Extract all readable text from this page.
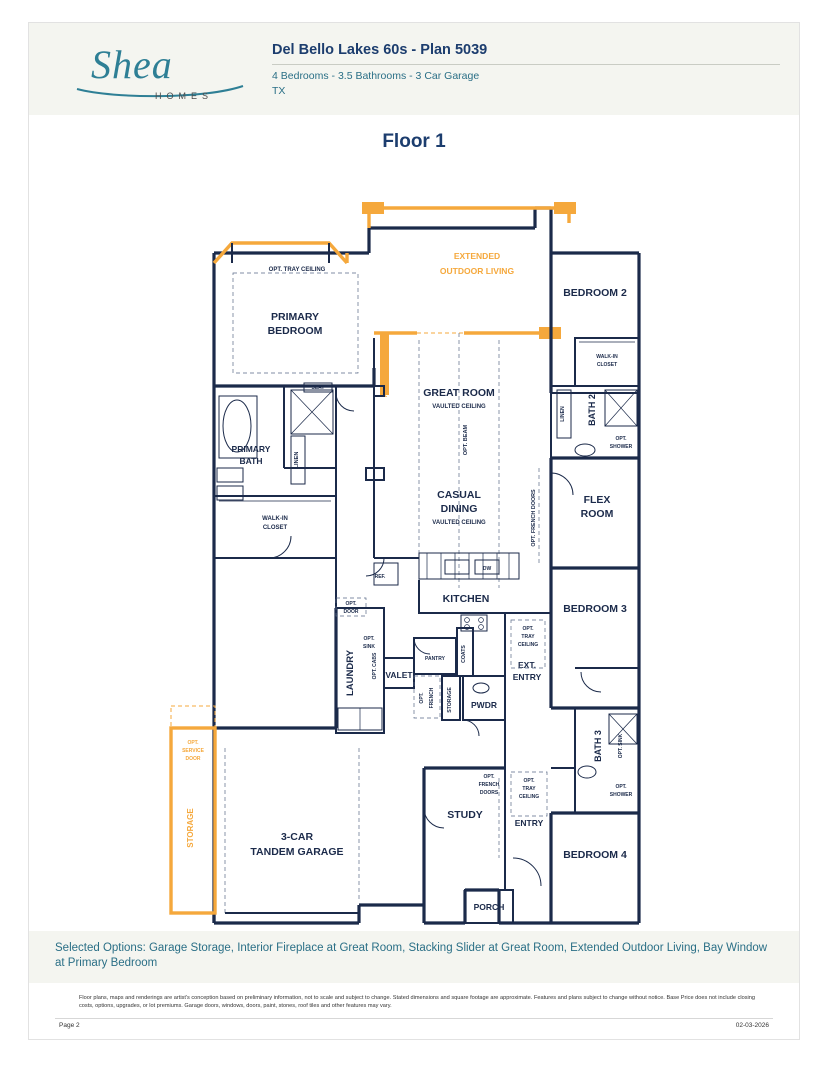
Shea
HOMES
Del Bello Lakes 60s - Plan 5039
4 Bedrooms - 3.5 Bathrooms - 3 Car Garage
TX
Floor 1
EXTENDED
OUTDOOR LIVING
OPT. TRAY CEILING
PRIMARY
BEDROOM
FIREPLACE
SEAT
PRIMARY
BATH	LINEN
WALK-IN
CLOSET
GREAT ROOM
VAULTED CEILING
OPT. BEAM
CASUAL
DINING
VAULTED CEILING
DW
KITCHEN
REF.
BEDROOM 2
WALK-IN
CLOSET
BATH 2
LINEN
OPT.
SHOWER
FLEX
ROOM
OPT. FRENCH DOORS
BEDROOM 3
BATH 3	OPT. SINK
OPT.
SHOWER
BEDROOM 4
LAUNDRY	OPT. CABS
OPT.
SINK
OPT.
DOOR
PANTRY
VALET
COATS
STORAGE PWDR
OPT. FRENCH
EXT.
ENTRY
OPT.
TRAY
CEILING
STUDY
OPT.
FRENCH
DOORS
ENTRY
OPT.
TRAY
CEILING
PORCH
3-CAR
TANDEM GARAGE
STORAGE
OPT.
SERVICE
DOOR
Selected Options: Garage Storage, Interior Fireplace at Great Room, Stacking Slider at Great Room, Extended Outdoor Living, Bay Window at Primary Bedroom
Floor plans, maps and renderings are artist's conception based on preliminary information, not to scale and subject to change. Stated dimensions and square footage are approximate. Features and plans subject to change without notice. Base Price does not include closing costs, options, upgrades, or lot premiums. Garage doors, windows, doors, paint, stones, roof tiles and other features may vary.
Page 2	02-03-2026
